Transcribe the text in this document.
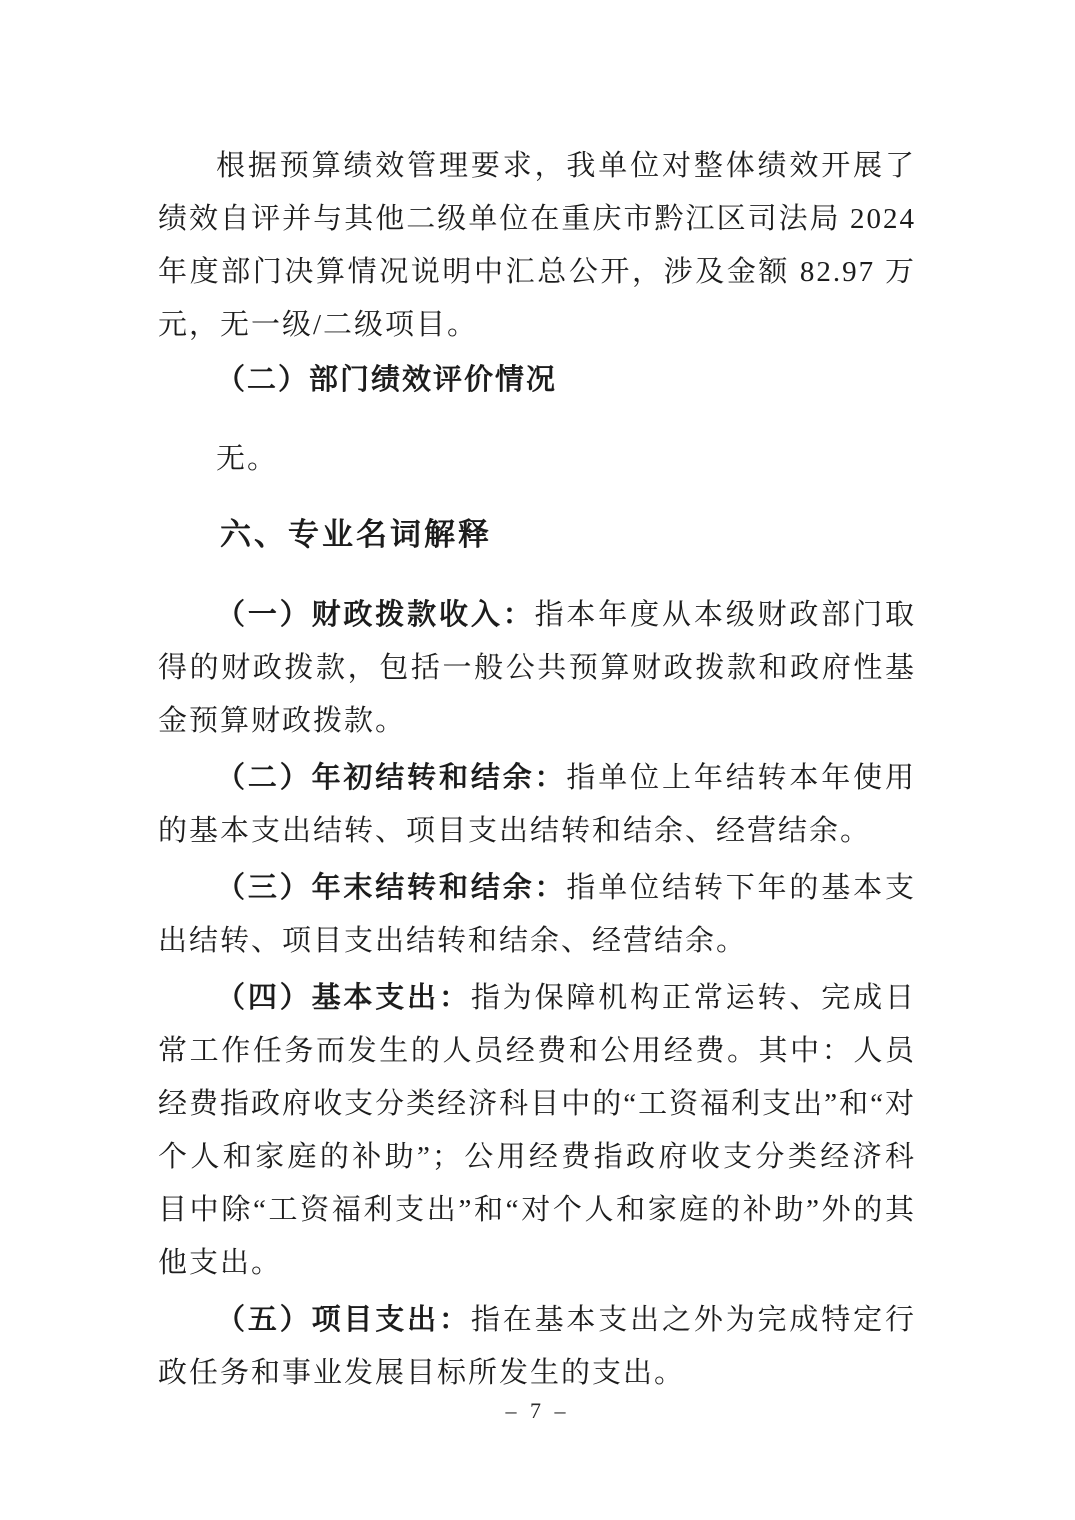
根据预算绩效管理要求，我单位对整体绩效开展了绩效自评并与其他二级单位在重庆市黔江区司法局 2024 年度部门决算情况说明中汇总公开，涉及金额 82.97 万元，无一级/二级项目。

（二）部门绩效评价情况

无。

六、专业名词解释

（一）财政拨款收入：指本年度从本级财政部门取得的财政拨款，包括一般公共预算财政拨款和政府性基金预算财政拨款。

（二）年初结转和结余：指单位上年结转本年使用的基本支出结转、项目支出结转和结余、经营结余。

（三）年末结转和结余：指单位结转下年的基本支出结转、项目支出结转和结余、经营结余。

（四）基本支出：指为保障机构正常运转、完成日常工作任务而发生的人员经费和公用经费。其中：人员经费指政府收支分类经济科目中的“工资福利支出”和“对个人和家庭的补助”；公用经费指政府收支分类经济科目中除“工资福利支出”和“对个人和家庭的补助”外的其他支出。

（五）项目支出：指在基本支出之外为完成特定行政任务和事业发展目标所发生的支出。

– 7 –
